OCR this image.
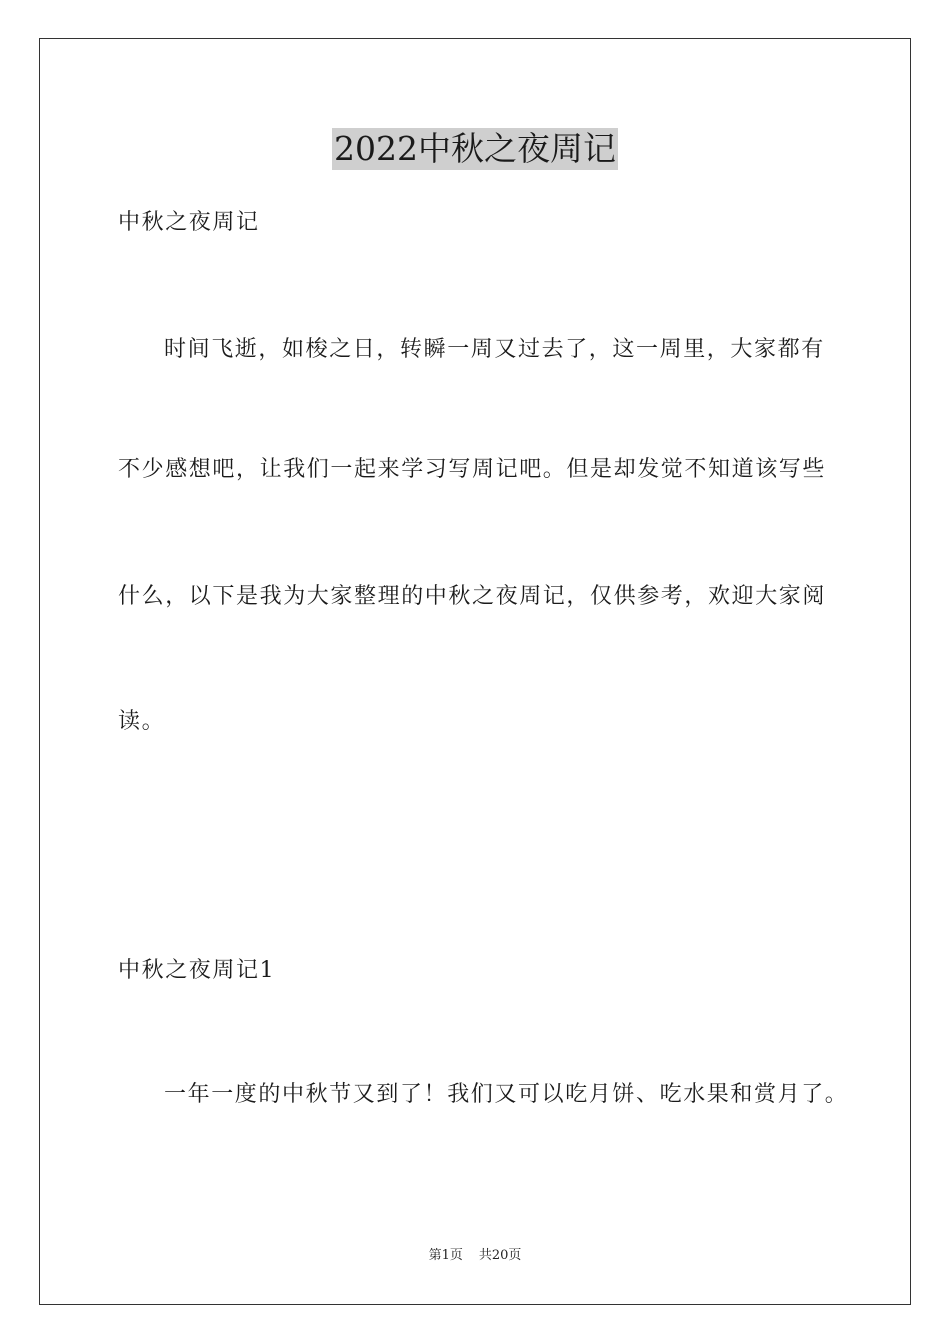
2022中秋之夜周记
中秋之夜周记
时间飞逝，如梭之日，转瞬一周又过去了，这一周里，大家都有
不少感想吧，让我们一起来学习写周记吧。但是却发觉不知道该写些
什么，以下是我为大家整理的中秋之夜周记，仅供参考，欢迎大家阅
读。
中秋之夜周记1
一年一度的中秋节又到了！我们又可以吃月饼、吃水果和赏月了。
第1页 共20页
